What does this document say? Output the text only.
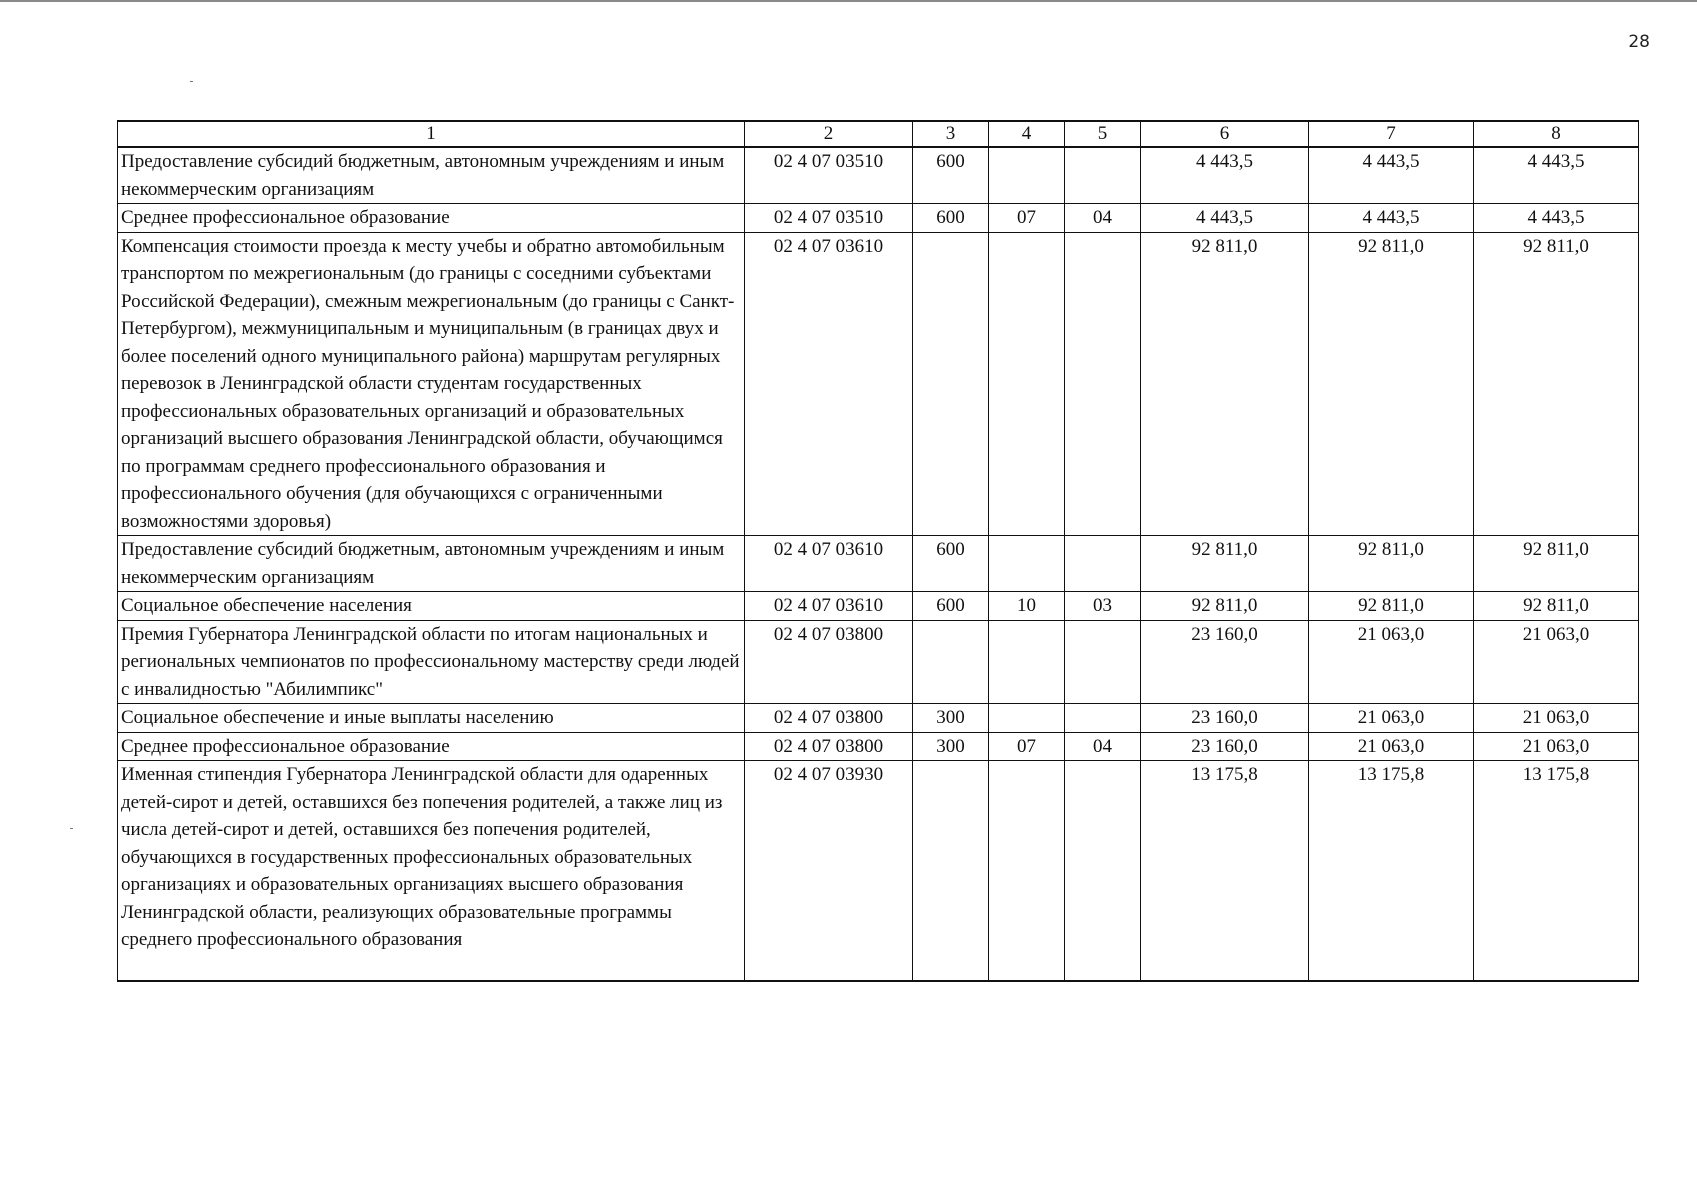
28
1	2	3	4	5	6	7	8
Предоставление субсидий бюджетным, автономным учреждениям и иным некоммерческим организациям	02 4 07 03510	600			4 443,5	4 443,5	4 443,5
Среднее профессиональное образование	02 4 07 03510	600	07	04	4 443,5	4 443,5	4 443,5
Компенсация стоимости проезда к месту учебы и обратно автомобильным транспортом по межрегиональным (до границы с соседними субъектами Российской Федерации), смежным межрегиональным (до границы с Санкт-Петербургом), межмуниципальным и муниципальным (в границах двух и более поселений одного муниципального района) маршрутам регулярных перевозок в Ленинградской области студентам государственных профессиональных образовательных организаций и образовательных организаций высшего образования Ленинградской области, обучающимся по программам среднего профессионального образования и профессионального обучения (для обучающихся с ограниченными возможностями здоровья)	02 4 07 03610				92 811,0	92 811,0	92 811,0
Предоставление субсидий бюджетным, автономным учреждениям и иным некоммерческим организациям	02 4 07 03610	600			92 811,0	92 811,0	92 811,0
Социальное обеспечение населения	02 4 07 03610	600	10	03	92 811,0	92 811,0	92 811,0
Премия Губернатора Ленинградской области по итогам национальных и региональных чемпионатов по профессиональному мастерству среди людей с инвалидностью "Абилимпикс"	02 4 07 03800				23 160,0	21 063,0	21 063,0
Социальное обеспечение и иные выплаты населению	02 4 07 03800	300			23 160,0	21 063,0	21 063,0
Среднее профессиональное образование	02 4 07 03800	300	07	04	23 160,0	21 063,0	21 063,0
Именная стипендия Губернатора Ленинградской области для одаренных детей-сирот и детей, оставшихся без попечения родителей, а также лиц из числа детей-сирот и детей, оставшихся без попечения родителей, обучающихся в государственных профессиональных образовательных организациях и образовательных организациях высшего образования Ленинградской области, реализующих образовательные программы среднего профессионального образования	02 4 07 03930				13 175,8	13 175,8	13 175,8
